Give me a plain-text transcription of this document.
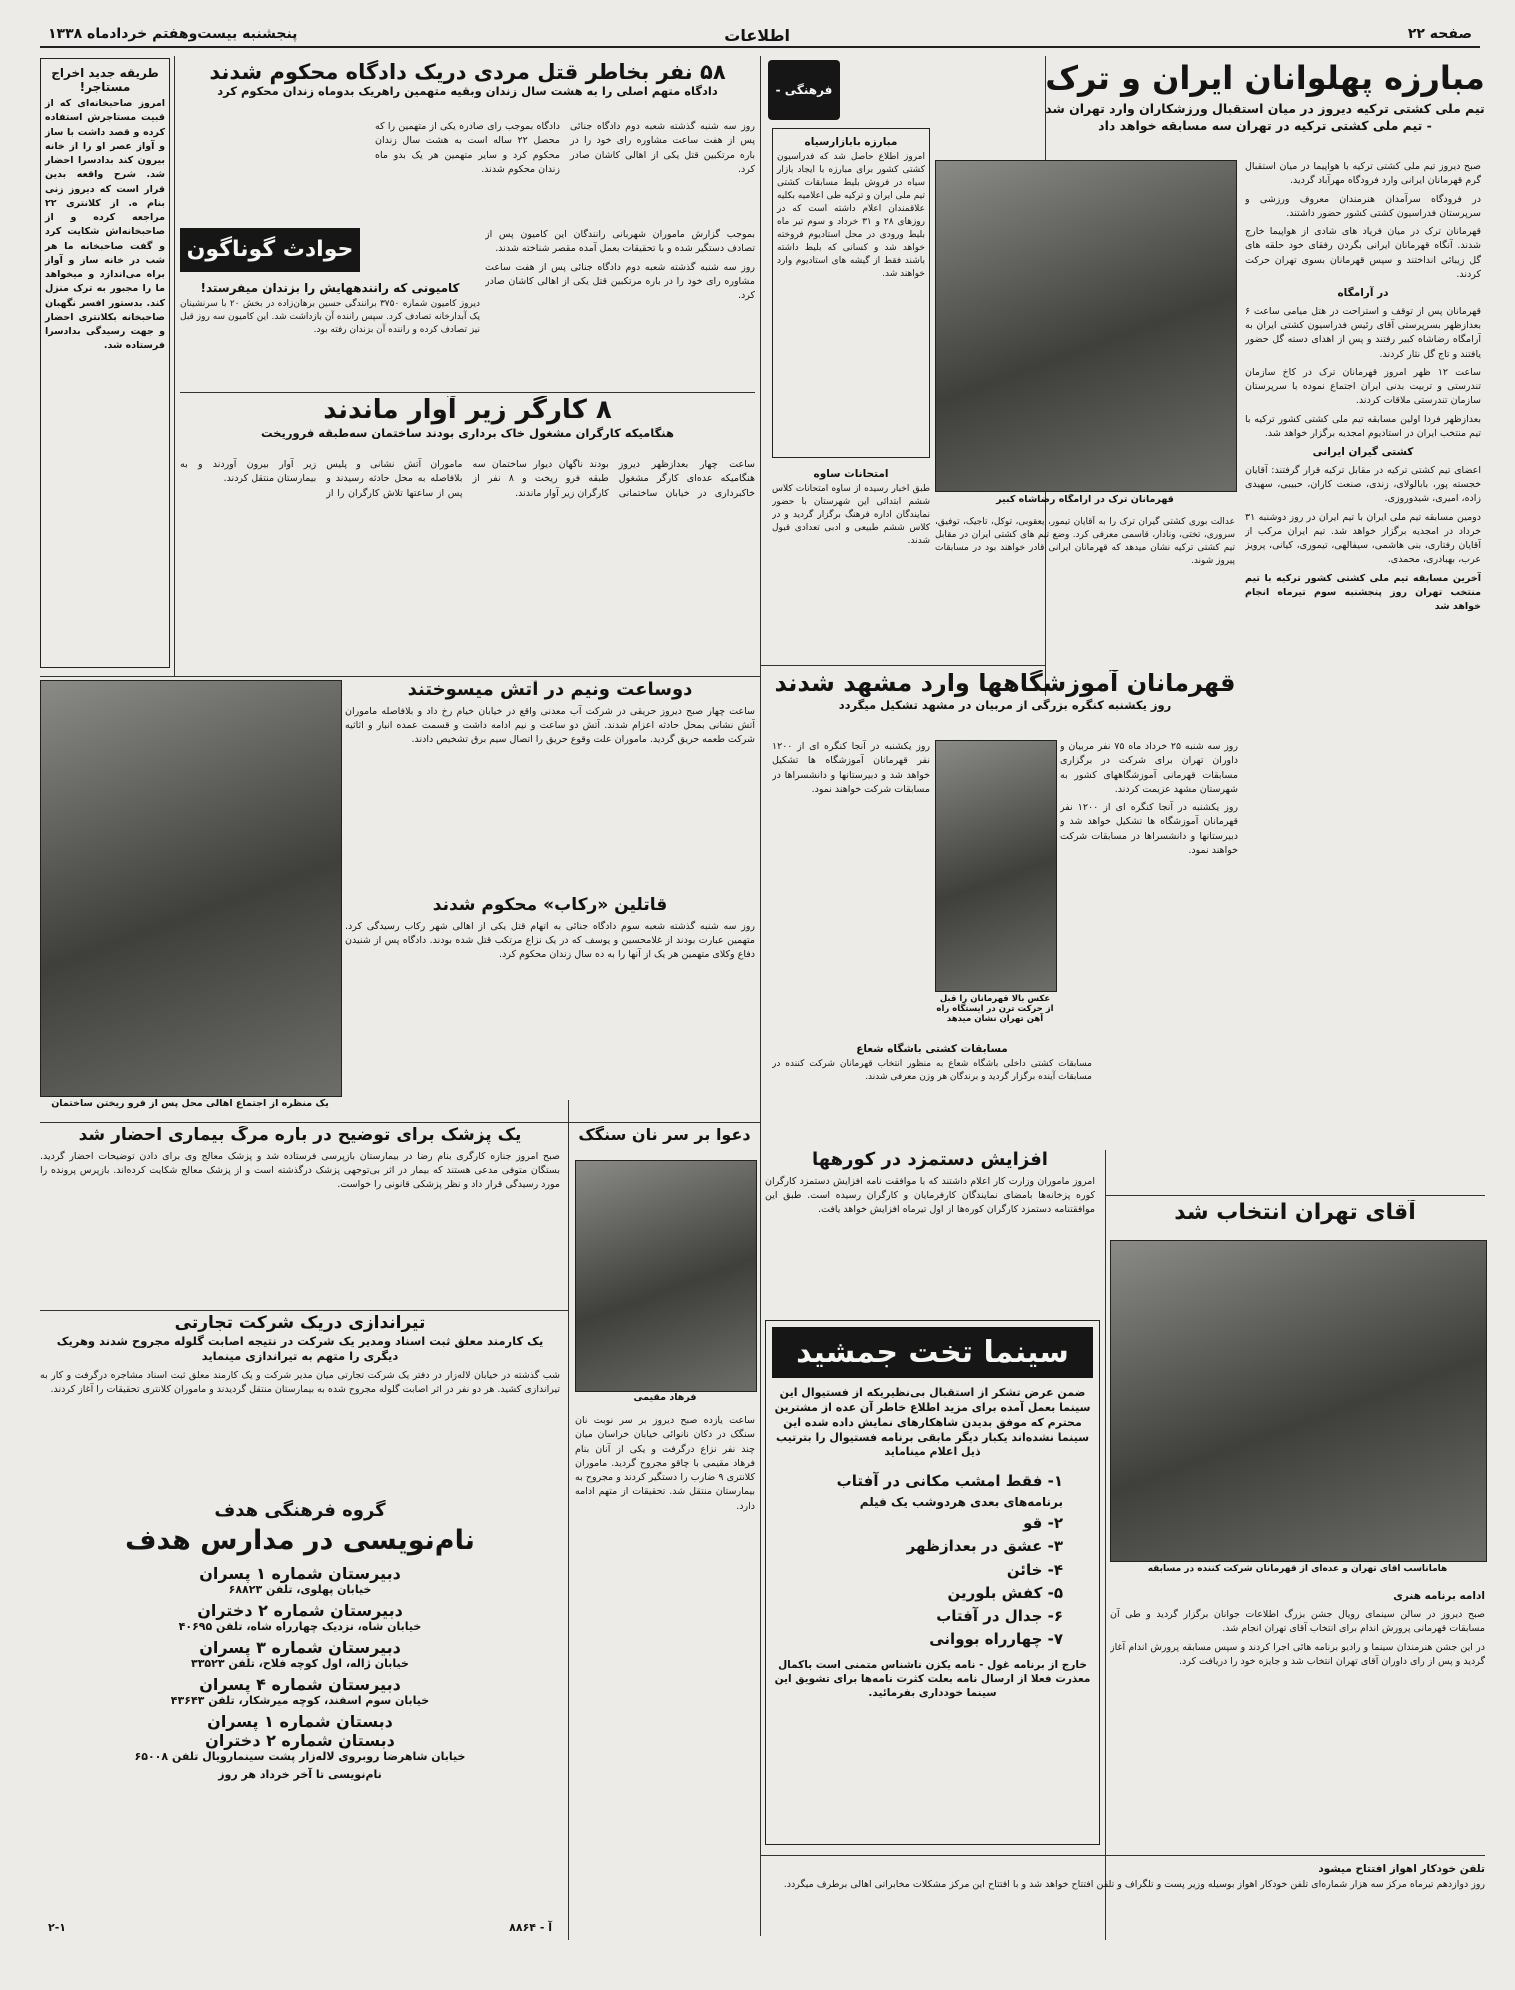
صفحه ۲۲
اطلاعات
پنجشنبه بیست‌وهفتم خردادماه ۱۳۳۸
مبارزه پهلوانان ایران و ترک
تیم ملی کشتی ترکیه دیروز در میان استقبال ورزشکاران وارد تهران شد - تیم ملی کشتی ترکیه در تهران سه مسابقه خواهد داد
فرهنگی -
قهرمانان ترک در آرامگاه رضاشاه کبیر
عدالت بوری کشتی گیران ترک را به آقایان تیمور، یعقوبی، توکل، تاجیک، توفیق، سروری، تختی، ونادار، قاسمی معرفی کرد. وضع تیم های کشتی ایران در مقابل تیم کشتی ترکیه نشان میدهد که قهرمانان ایرانی قادر خواهند بود در مسابقات پیروز شوند.

صبح دیروز تیم ملی کشتی ترکیه با هواپیما در میان استقبال گرم قهرمانان ایرانی وارد فرودگاه مهرآباد گردید.

در فرودگاه سرآمدان هنرمندان معروف ورزشی و سرپرستان فدراسیون کشتی کشور حضور داشتند.

قهرمانان ترک در میان فریاد های شادی از هواپیما خارج شدند. آنگاه قهرمانان ایرانی بگردن رفقای خود حلقه های گل زیبائی انداختند و سپس قهرمانان بسوی تهران حرکت کردند.

در آرامگاه

قهرمانان پس از توقف و استراحت در هتل میامی ساعت ۶ بعدازظهر بسرپرستی آقای رئیس فدراسیون کشتی ایران به آرامگاه رضاشاه کبیر رفتند و پس از اهدای دسته گل حضور یافتند و تاج گل نثار کردند.

ساعت ۱۲ ظهر امروز قهرمانان ترک در کاخ سازمان تندرستی و تربیت بدنی ایران اجتماع نموده با سرپرستان سازمان تندرستی ملاقات کردند.

بعدازظهر فردا اولین مسابقه تیم ملی کشتی کشور ترکیه با تیم منتخب ایران در استادیوم امجدیه برگزار خواهد شد.

کشتی گیران ایرانی

اعضای تیم کشتی ترکیه در مقابل ترکیه قرار گرفتند: آقایان خجسته پور، بابالولای، زندی، صنعت کاران، حبیبی، سهیدی زاده، امیری، شیدوروزی.

دومین مسابقه تیم ملی ایران با تیم ایران در روز دوشنبه ۳۱ خرداد در امجدیه برگزار خواهد شد. تیم ایران مرکب از آقایان رفتاری، بنی هاشمی، سیفالهی، تیموری، کیانی، پرویز عرب، بهبادری، محمدی.

آخرین مسابقه تیم ملی کشتی کشور ترکیه با تیم منتخب تهران روز پنجشنبه سوم تیرماه انجام خواهد شد

مبارزه بابازارسیاه
امروز اطلاع حاصل شد که فدراسیون کشتی کشور برای مبارزه با ایجاد بازار سیاه در فروش بلیط مسابقات کشتی تیم ملی ایران و ترکیه طی اعلامیه بکلیه علاقمندان اعلام داشته است که در روزهای ۲۸ و ۳۱ خرداد و سوم تیر ماه بلیط ورودی در محل استادیوم فروخته خواهد شد و کسانی که بلیط داشته باشند فقط از گیشه های استادیوم وارد خواهند شد.
امتحانات ساوه
طبق اخبار رسیده از ساوه امتحانات کلاس ششم ابتدائی این شهرستان با حضور نمایندگان اداره فرهنگ برگزار گردید و در کلاس ششم طبیعی و ادبی تعدادی قبول شدند.
قهرمانان آموزشگاهها وارد مشهد شدند
روز یکشنبه کنگره بزرگی از مربیان در مشهد تشکیل میگردد

روز سه شنبه ۲۵ خرداد ماه ۷۵ نفر مربیان و داوران تهران برای شرکت در برگزاری مسابقات قهرمانی آموزشگاههای کشور به شهرستان مشهد عزیمت کردند.

روز یکشنبه در آنجا کنگره ای از ۱۲۰۰ نفر قهرمانان آموزشگاه ها تشکیل خواهد شد و دبیرستانها و دانشسراها در مسابقات شرکت خواهند نمود.

عکس بالا قهرمانان را قبل از حرکت ترن در ایستگاه راه آهن تهران نشان میدهد

روز یکشنبه در آنجا کنگره ای از ۱۲۰۰ نفر قهرمانان آموزشگاه ها تشکیل خواهد شد و دبیرستانها و دانشسراها در مسابقات شرکت خواهند نمود.

مسابقات کشتی باشگاه شعاع
مسابقات کشتی داخلی باشگاه شعاع به منظور انتخاب قهرمانان شرکت کننده در مسابقات آینده برگزار گردید و برندگان هر وزن معرفی شدند.
آقای تهران انتخاب شد
هاماناسب آقای تهران و عده‌ای از قهرمانان شرکت کننده در مسابقه
ادامه برنامه هنری

صبح دیروز در سالن سینمای رویال جشن بزرگ اطلاعات جوانان برگزار گردید و طی آن مسابقات قهرمانی پرورش اندام برای انتخاب آقای تهران انجام شد.

در این جشن هنرمندان سینما و رادیو برنامه هائی اجرا کردند و سپس مسابقه پرورش اندام آغاز گردید و پس از رای داوران آقای تهران انتخاب شد و جایزه خود را دریافت کرد.

تلفن خودکار اهواز افتتاح میشود
روز دوازدهم تیرماه مرکز سه هزار شماره‌ای تلفن خودکار اهواز بوسیله وزیر پست و تلگراف و تلفن افتتاح خواهد شد و با افتتاح این مرکز مشکلات مخابراتی اهالی برطرف میگردد.
افزایش دستمزد در کورهها
امروز ماموران وزارت کار اعلام داشتند که با موافقت نامه افزایش دستمزد کارگران کوره پزخانه‌ها بامضای نمایندگان کارفرمایان و کارگران رسیده است. طبق این موافقتنامه دستمزد کارگران کوره‌ها از اول تیرماه افزایش خواهد یافت.
سینما تخت جمشید
ضمن عرض تشکر از استقبال بی‌نظیریکه از فستیوال این سینما بعمل آمده برای مزید اطلاع خاطر آن عده از مشترین محترم که موفق بدیدن شاهکارهای نمایش داده شده این سینما نشده‌اند یکبار دیگر مابقی برنامه فستیوال را بترتیب ذیل اعلام میناماید
۱- فقط امشب مکانی در آفتاب
برنامه‌های بعدی هردوشب یک فیلم
۲- قو
۳- عشق در بعدازظهر
۴- خائن
۵- کفش بلورین
۶- جدال در آفتاب
۷- چهارراه بووانی
خارج از برنامه غول - نامه یکزن ناشناس متمنی است باکمال معذرت فعلا از ارسال نامه بعلت کثرت نامه‌ها برای تشویق این سینما خودداری بفرمائید.
۵۸ نفر بخاطر قتل مردی دریک دادگاه محکوم شدند
دادگاه متهم اصلی را به هشت سال زندان وبقیه متهمین راهریک بدوماه زندان محکوم کرد

روز سه شنبه گذشته شعبه دوم دادگاه جنائی پس از هفت ساعت مشاوره رای خود را در باره مرتکبین قتل یکی از اهالی کاشان صادر کرد.

دادگاه بموجب رای صادره یکی از متهمین را که محصل ۲۲ ساله است به هشت سال زندان محکوم کرد و سایر متهمین هر یک بدو ماه زندان محکوم شدند.

حوادث گوناگون
کامیونی که رانندههایش را بزندان میفرستد!
دیروز کامیون شماره ۳۷۵۰ برانندگی حسین برهان‌زاده در بخش ۲۰ با سرنشینان یک آبدارخانه تصادف کرد. سپس راننده آن بازداشت شد. این کامیون سه روز قبل نیز تصادف کرده و راننده آن بزندان رفته بود.

بموجب گزارش ماموران شهربانی رانندگان این کامیون پس از تصادف دستگیر شده و با تحقیقات بعمل آمده مقصر شناخته شدند.

روز سه شنبه گذشته شعبه دوم دادگاه جنائی پس از هفت ساعت مشاوره رای خود را در باره مرتکبین قتل یکی از اهالی کاشان صادر کرد.

۸ کارگر زیر آوار ماندند
هنگامیکه کارگران مشغول خاک برداری بودند ساختمان سه‌طبقه فروریخت

ساعت چهار بعدازظهر دیروز هنگامیکه عده‌ای کارگر مشغول خاکبرداری در خیابان ساختمانی بودند ناگهان دیوار ساختمان سه طبقه فرو ریخت و ۸ نفر از کارگران زیر آوار ماندند.

ماموران آتش نشانی و پلیس بلافاصله به محل حادثه رسیدند و پس از ساعتها تلاش کارگران را از زیر آوار بیرون آوردند و به بیمارستان منتقل کردند.

طریقه جدید اخراج مستاجر!
امروز صاحبخانه‌ای که از قبیت مستاجرش استفاده کرده و قصد داشت با ساز و آواز عصر او را از خانه بیرون کند بدادسرا احضار شد. شرح واقعه بدین قرار است که دیروز زنی بنام ه. از کلانتری ۲۲ مراجعه کرده و از صاحبخانه‌اش شکایت کرد و گفت صاحبخانه ما هر شب در خانه ساز و آواز براه می‌اندازد و میخواهد ما را مجبور به ترک منزل کند. بدستور افسر نگهبان صاحبخانه بکلانتری احضار و جهت رسیدگی بدادسرا فرستاده شد.
دوساعت ونیم در آتش میسوختند
ساعت چهار صبح دیروز حریقی در شرکت آب معدنی واقع در خیابان خیام رخ داد و بلافاصله ماموران آتش نشانی بمحل حادثه اعزام شدند. آتش دو ساعت و نیم ادامه داشت و قسمت عمده انبار و اثاثیه شرکت طعمه حریق گردید. ماموران علت وقوع حریق را اتصال سیم برق تشخیص دادند.
یک منظره از اجتماع اهالی محل پس از فرو ریختن ساختمان
قاتلین «رکاب» محکوم شدند
روز سه شنبه گذشته شعبه سوم دادگاه جنائی به اتهام قتل یکی از اهالی شهر رکاب رسیدگی کرد. متهمین عبارت بودند از غلامحسین و یوسف که در یک نزاع مرتکب قتل شده بودند. دادگاه پس از شنیدن دفاع وکلای متهمین هر یک از آنها را به ده سال زندان محکوم کرد.
یک پزشک برای توضیح در باره مرگ بیماری احضار شد
صبح امروز جنازه کارگری بنام رضا در بیمارستان بازپرسی فرستاده شد و پزشک معالج وی برای دادن توضیحات احضار گردید. بستگان متوفی مدعی هستند که بیمار در اثر بی‌توجهی پزشک درگذشته است و از پزشک معالج شکایت کرده‌اند. بازپرس پرونده را مورد رسیدگی قرار داد و نظر پزشکی قانونی را خواست.
دعوا بر سر نان سنگک
فرهاد مقیمی

ساعت یازده صبح دیروز بر سر نوبت نان سنگک در دکان نانوائی خیابان خراسان میان چند نفر نزاع درگرفت و یکی از آنان بنام فرهاد مقیمی با چاقو مجروح گردید. ماموران کلانتری ۹ ضارب را دستگیر کردند و مجروح به بیمارستان منتقل شد. تحقیقات از متهم ادامه دارد.

تیراندازی دریک شرکت تجارتی
یک کارمند معلق ثبت اسناد ومدیر یک شرکت در نتیجه اصابت گلوله مجروح شدند وهریک دیگری را متهم به تیراندازی مینماید
شب گذشته در خیابان لاله‌زار در دفتر یک شرکت تجارتی میان مدیر شرکت و یک کارمند معلق ثبت اسناد مشاجره درگرفت و کار به تیراندازی کشید. هر دو نفر در اثر اصابت گلوله مجروح شده به بیمارستان منتقل گردیدند و ماموران کلانتری تحقیقات را آغاز کردند.
گروه فرهنگی هدف
نام‌نویسی در مدارس هدف
دبیرستان شماره ۱ پسران
خیابان پهلوی، تلفن ۶۸۸۲۳
دبیرستان شماره ۲ دختران
خیابان شاه، نزدیک چهارراه شاه، تلفن ۴۰۶۹۵
دبیرستان شماره ۳ پسران
خیابان ژاله، اول کوچه فلاح، تلفن ۳۳۵۲۳
دبیرستان شماره ۴ پسران
خیابان سوم اسفند، کوچه میرشکار، تلفن ۴۳۶۴۳
دبستان شماره ۱ پسران
دبستان شماره ۲ دختران
خیابان شاهرضا روبروی لاله‌زار پشت سینمارویال تلفن ۶۵۰۰۸
نام‌نویسی تا آخر خرداد هر روز
آ - ۸۸۶۴
۲-۱
